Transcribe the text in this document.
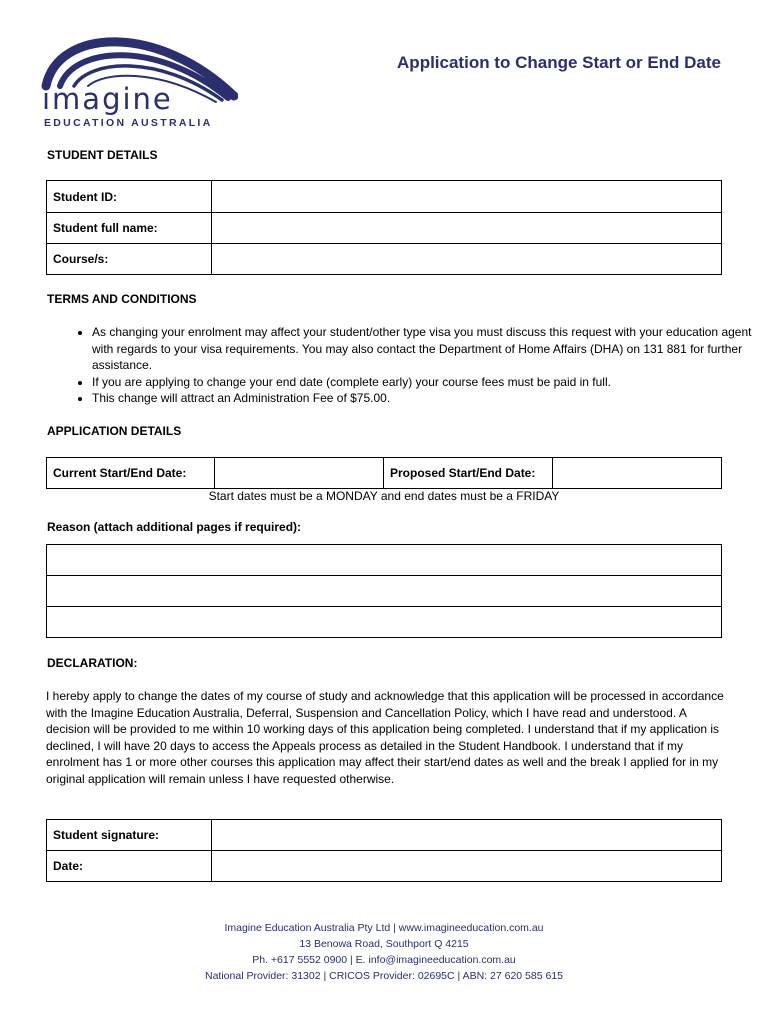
imagine
EDUCATION AUSTRALIA
Application to Change Start or End Date
STUDENT DETAILS
Student ID:	
Student full name:	
Course/s:	
TERMS AND CONDITIONS
• As changing your enrolment may affect your student/other type visa you must discuss this request with your education agent with regards to your visa requirements. You may also contact the Department of Home Affairs (DHA) on 131 881 for further assistance.
• If you are applying to change your end date (complete early) your course fees must be paid in full.
• This change will attract an Administration Fee of $75.00.
APPLICATION DETAILS
Current Start/End Date:		Proposed Start/End Date:	
Start dates must be a MONDAY and end dates must be a FRIDAY
Reason (attach additional pages if required):

DECLARATION:
I hereby apply to change the dates of my course of study and acknowledge that this application will be processed in accordance with the Imagine Education Australia, Deferral, Suspension and Cancellation Policy, which I have read and understood. A decision will be provided to me within 10 working days of this application being completed. I understand that if my application is declined, I will have 20 days to access the Appeals process as detailed in the Student Handbook. I understand that if my enrolment has 1 or more other courses this application may affect their start/end dates as well and the break I applied for in my original application will remain unless I have requested otherwise.
Student signature:	
Date:	
Imagine Education Australia Pty Ltd | www.imagineeducation.com.au
13 Benowa Road, Southport Q 4215
Ph. +617 5552 0900 | E. info@imagineeducation.com.au
National Provider: 31302 | CRICOS Provider: 02695C | ABN: 27 620 585 615
